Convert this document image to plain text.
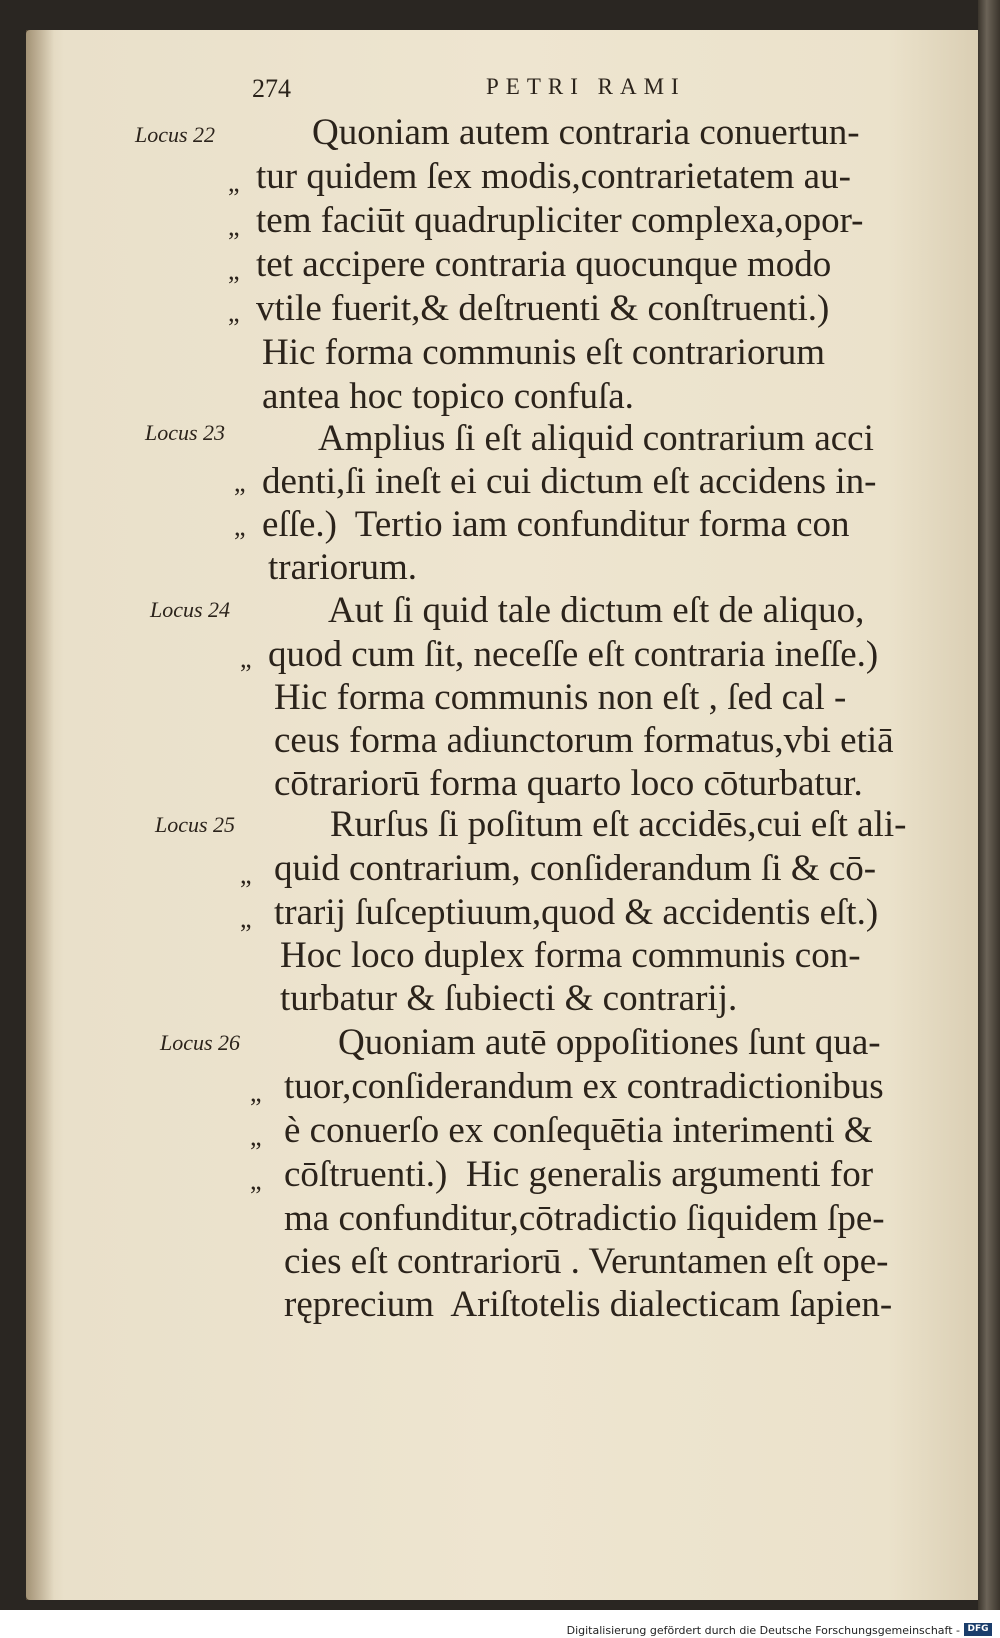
274	PETRI RAMI
Locus 22
Locus 23
Locus 24
Locus 25
Locus 26
„
„
„
„
„
„
„
„
„
„
„
„
Quoniam autem contraria conuertun-
tur quidem ſex modis,contrarietatem au-
tem faciūt quadrupliciter complexa,opor-
tet accipere contraria quocunque modo
vtile fuerit,& deſtruenti & conſtruenti.)
Hic forma communis eſt contrariorum
antea hoc topico confuſa.
Amplius ſi eſt aliquid contrarium acci
denti,ſi ineſt ei cui dictum eſt accidens in-
eſſe.)  Tertio iam confunditur forma con
trariorum.
Aut ſi quid tale dictum eſt de aliquo,
quod cum ſit, neceſſe eſt contraria ineſſe.)
Hic forma communis non eſt , ſed cal -
ceus forma adiunctorum formatus,vbi etiā
cōtrariorū forma quarto loco cōturbatur.
Rurſus ſi poſitum eſt accidēs,cui eſt ali-
quid contrarium, conſiderandum ſi & cō-
trarij ſuſceptiuum,quod & accidentis eſt.)
Hoc loco duplex forma communis con-
turbatur & ſubiecti & contrarij.
Quoniam autē oppoſitiones ſunt qua-
tuor,conſiderandum ex contradictionibus
è conuerſo ex conſequētia interimenti &
cōſtruenti.)  Hic generalis argumenti for
ma confunditur,cōtradictio ſiquidem ſpe-
cies eſt contrariorū . Veruntamen eſt ope-
ręprecium  Ariſtotelis dialecticam ſapien-
Digitalisierung gefördert durch die Deutsche Forschungsgemeinschaft - DFG
